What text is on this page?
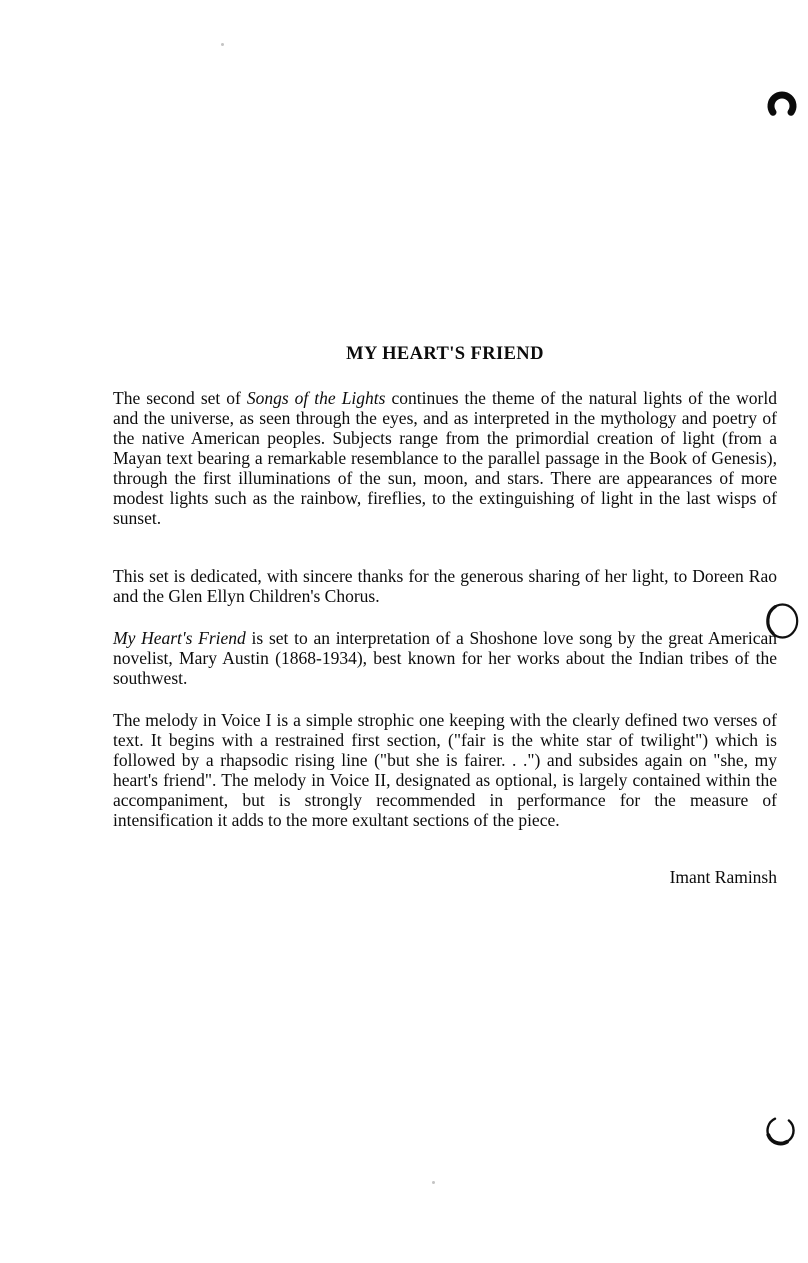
MY HEART'S FRIEND

The second set of Songs of the Lights continues the theme of the natural lights of the world and the universe, as seen through the eyes, and as interpreted in the mythology and poetry of the native American peoples. Subjects range from the primordial creation of light (from a Mayan text bearing a remarkable resemblance to the parallel passage in the Book of Genesis), through the first illuminations of the sun, moon, and stars. There are appearances of more modest lights such as the rainbow, fireflies, to the extinguishing of light in the last wisps of sunset.

This set is dedicated, with sincere thanks for the generous sharing of her light, to Doreen Rao and the Glen Ellyn Children's Chorus.

My Heart's Friend is set to an interpretation of a Shoshone love song by the great American novelist, Mary Austin (1868-1934), best known for her works about the Indian tribes of the southwest.

The melody in Voice I is a simple strophic one keeping with the clearly defined two verses of text. It begins with a restrained first section, ("fair is the white star of twilight") which is followed by a rhapsodic rising line ("but she is fairer. . .") and subsides again on "she, my heart's friend". The melody in Voice II, designated as optional, is largely contained within the accompaniment, but is strongly recommended in performance for the measure of intensification it adds to the more exultant sections of the piece.

Imant Raminsh
